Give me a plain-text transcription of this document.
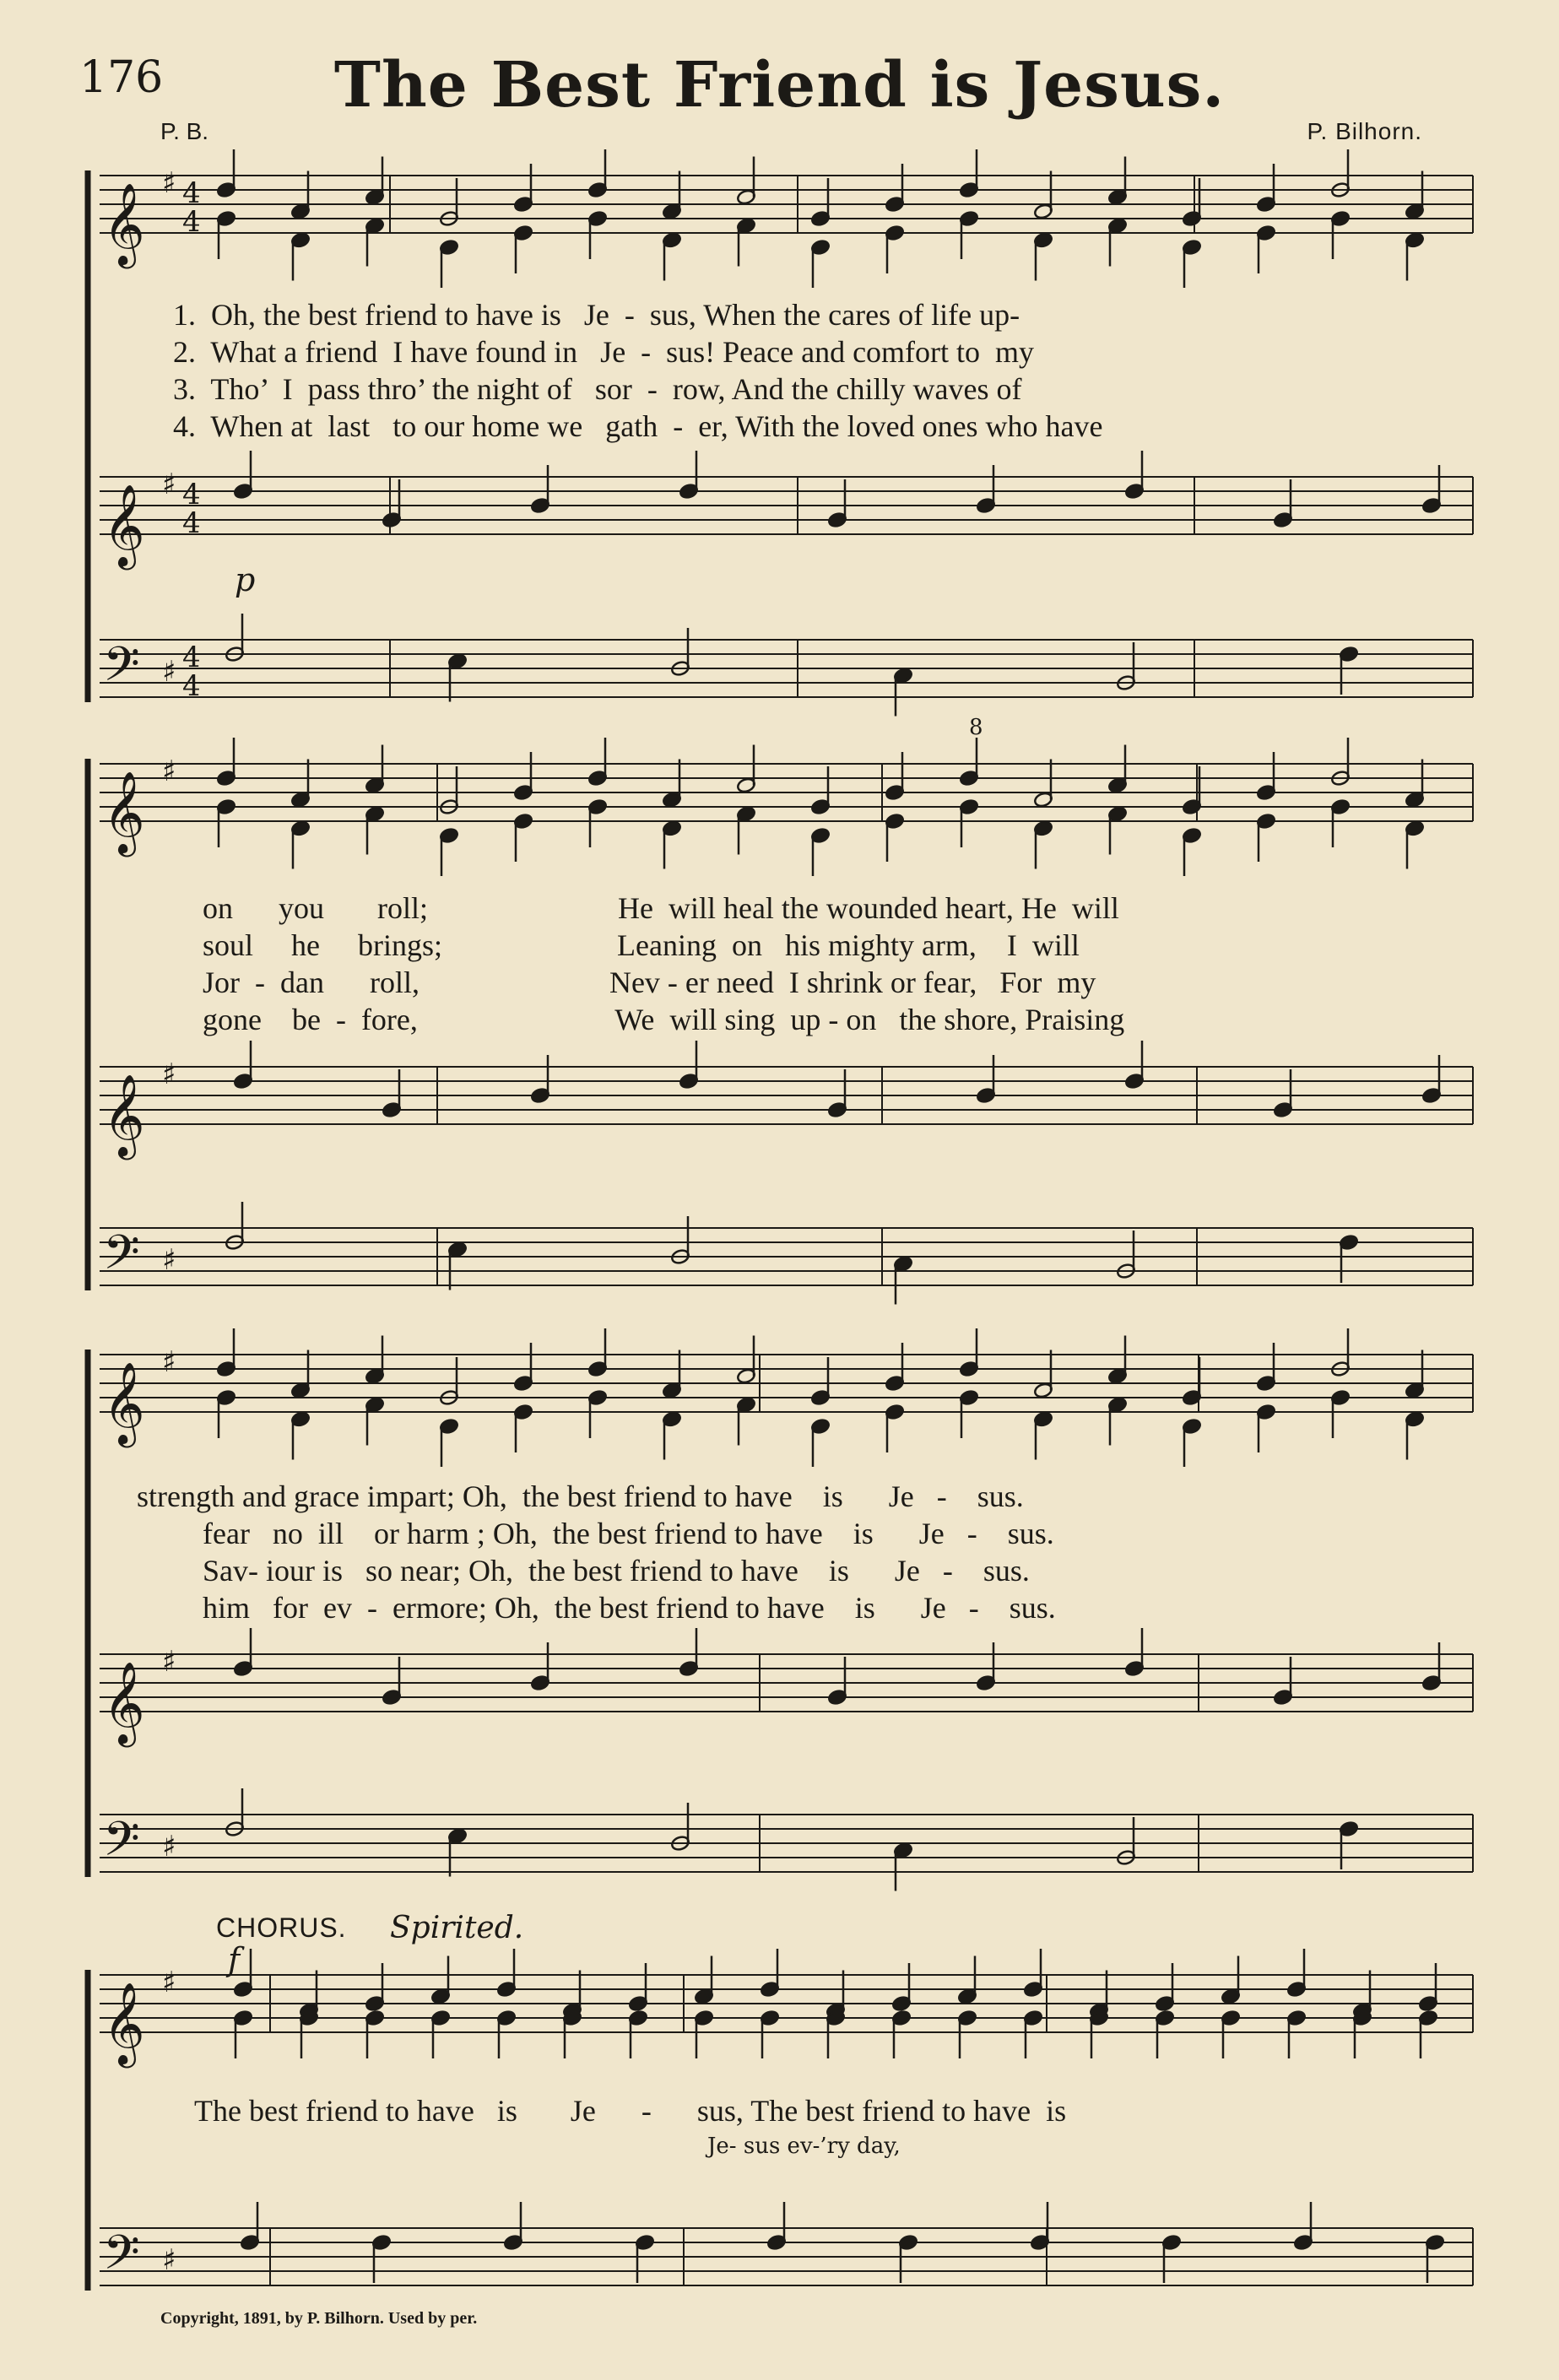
176	The Best Friend is Jesus.
P. B.	P. Bilhorn.
𝄞 ♯ 4
4
𝄞 ♯ 4
4
𝄢 ♯ 4
4
𝄞 ♯
𝄞 ♯
𝄢 ♯
𝄞 ♯
𝄞 ♯
𝄢 ♯
𝄞
𝄢
♯
♯
p
f
8
1.  Oh, the best friend to have is   Je  -  sus, When the cares of life up-
2.  What a friend  I have found in   Je  -  sus! Peace and comfort to  my
3.  Tho’  I  pass thro’ the night of   sor  -  row, And the chilly waves of
4.  When at  last   to our home we   gath  -  er, With the loved ones who have
on      you       roll;                         He  will heal the wounded heart, He  will
soul     he     brings;                       Leaning  on   his mighty arm,    I  will
Jor  -  dan      roll,                         Nev - er need  I shrink or fear,   For  my
gone    be  -  fore,                          We  will sing  up - on   the shore, Praising
strength and grace impart; Oh,  the best friend to have    is      Je   -    sus.
fear   no  ill    or harm ; Oh,  the best friend to have    is      Je   -    sus.
Sav- iour is   so near; Oh,  the best friend to have    is      Je   -    sus.
him   for  ev  -  ermore; Oh,  the best friend to have    is      Je   -    sus.
CHORUS. Spirited.
The best friend to have   is       Je      -      sus, The best friend to have  is
Je- sus ev-’ry day,
Copyright, 1891, by P. Bilhorn. Used by per.
